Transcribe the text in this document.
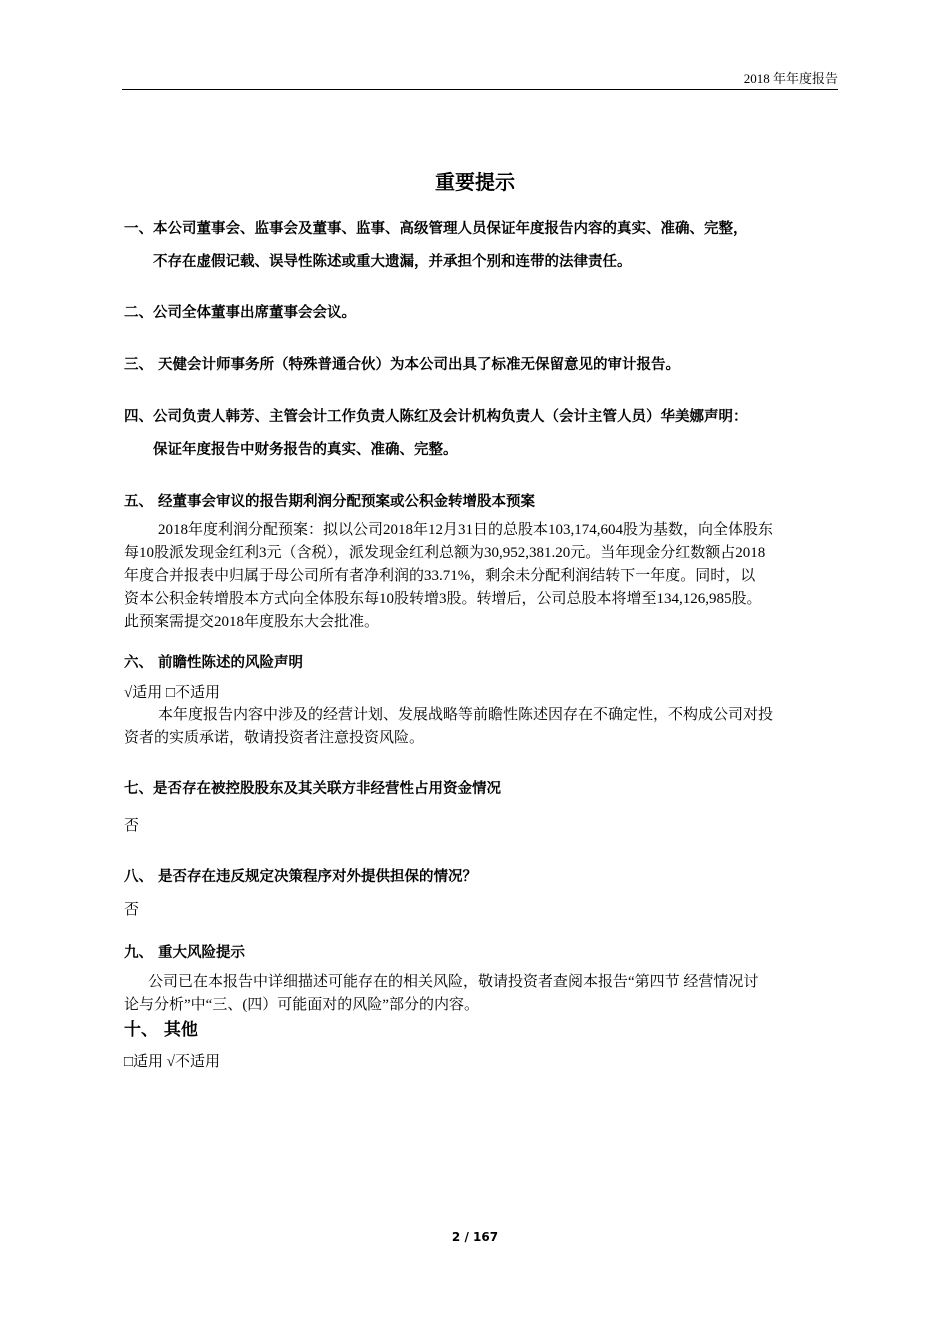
2018 年年度报告
重要提示
一、本公司董事会、监事会及董事、监事、高级管理人员保证年度报告内容的真实、准确、完整，
不存在虚假记载、误导性陈述或重大遗漏，并承担个别和连带的法律责任。
二、公司全体董事出席董事会会议。
三、 天健会计师事务所（特殊普通合伙）为本公司出具了标准无保留意见的审计报告。
四、公司负责人韩芳、主管会计工作负责人陈红及会计机构负责人（会计主管人员）华美娜声明：
保证年度报告中财务报告的真实、准确、完整。
五、 经董事会审议的报告期利润分配预案或公积金转增股本预案
2018年度利润分配预案：拟以公司2018年12月31日的总股本103,174,604股为基数，向全体股东
每10股派发现金红利3元（含税），派发现金红利总额为30,952,381.20元。当年现金分红数额占2018
年度合并报表中归属于母公司所有者净利润的33.71%，剩余未分配利润结转下一年度。同时，以
资本公积金转增股本方式向全体股东每10股转增3股。转增后，公司总股本将增至134,126,985股。
此预案需提交2018年度股东大会批准。
六、 前瞻性陈述的风险声明
√适用 □不适用
本年度报告内容中涉及的经营计划、发展战略等前瞻性陈述因存在不确定性，不构成公司对投
资者的实质承诺，敬请投资者注意投资风险。
七、是否存在被控股股东及其关联方非经营性占用资金情况
否
八、 是否存在违反规定决策程序对外提供担保的情况？
否
九、 重大风险提示
公司已在本报告中详细描述可能存在的相关风险，敬请投资者查阅本报告“第四节 经营情况讨
论与分析”中“三、(四）可能面对的风险”部分的内容。
十、 其他
□适用 √不适用
2 / 167
